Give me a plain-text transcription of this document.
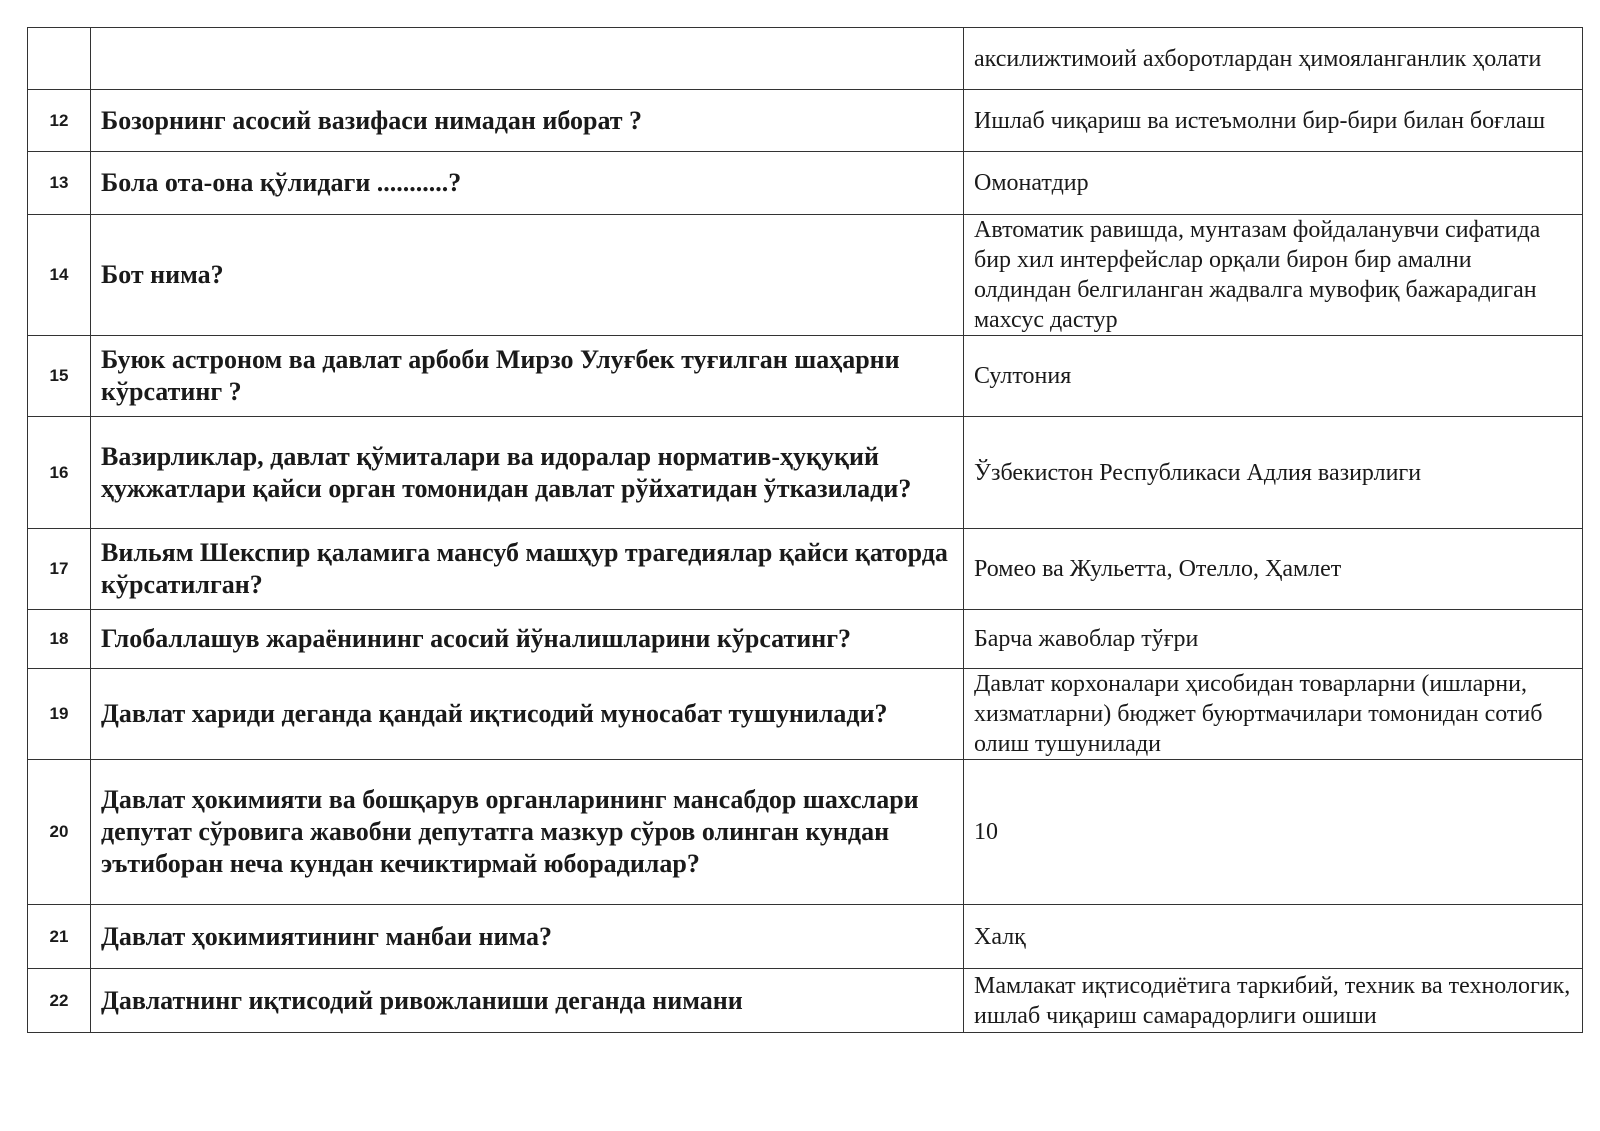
		аксилижтимоий ахборотлардан ҳимояланганлик ҳолати
12	Бозорнинг асосий вазифаси нимадан иборат ?	Ишлаб чиқариш ва истеъмолни бир-бири билан боғлаш
13	Бола ота-она қўлидаги ...........?	Омонатдир
14	Бот нима?	Автоматик равишда, мунтазам фойдаланувчи сифатида бир хил интерфейслар орқали бирон бир амални олдиндан белгиланган жадвалга мувофиқ бажарадиган махсус дастур
15	Буюк астроном ва давлат арбоби Мирзо Улуғбек туғилган шаҳарни кўрсатинг ?	Султония
16	Вазирликлар, давлат қўмиталари ва идоралар норматив-ҳуқуқий ҳужжатлари қайси орган томонидан давлат рўйхатидан ўтказилади?	Ўзбекистон Республикаси Адлия вазирлиги
17	Вильям Шекспир қаламига мансуб машҳур трагедиялар қайси қаторда кўрсатилган?	Ромео ва Жульетта, Отелло, Ҳамлет
18	Глобаллашув жараёнининг асосий йўналишларини кўрсатинг?	Барча жавоблар тўғри
19	Давлат хариди деганда қандай иқтисодий муносабат тушунилади?	Давлат корхоналари ҳисобидан товарларни (ишларни, хизматларни) бюджет буюртмачилари томонидан сотиб олиш тушунилади
20	Давлат ҳокимияти ва бошқарув органларининг мансабдор шахслари депутат сўровига жавобни депутатга мазкур сўров олинган кундан эътиборан неча кундан кечиктирмай юборадилар?	10
21	Давлат ҳокимиятининг манбаи нима?	Халқ
22	Давлатнинг иқтисодий ривожланиши деганда нимани	Мамлакат иқтисодиётига таркибий, техник ва технологик, ишлаб чиқариш самарадорлиги ошиши
